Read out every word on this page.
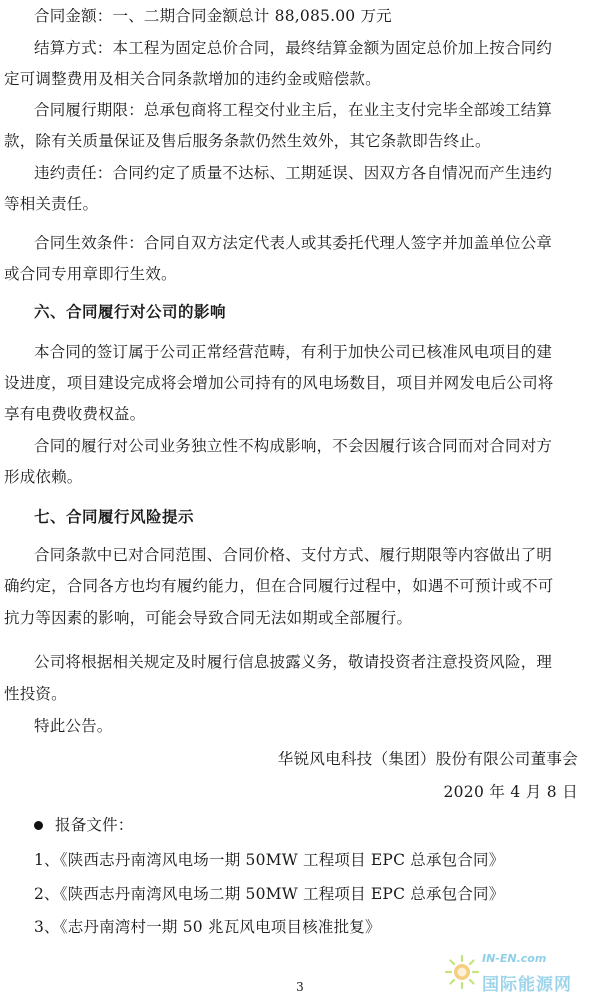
合同金额：一、二期合同金额总计 88,085.00 万元
结算方式：本工程为固定总价合同，最终结算金额为固定总价加上按合同约
定可调整费用及相关合同条款增加的违约金或赔偿款。
合同履行期限：总承包商将工程交付业主后，在业主支付完毕全部竣工结算
款，除有关质量保证及售后服务条款仍然生效外，其它条款即告终止。
违约责任：合同约定了质量不达标、工期延误、因双方各自情况而产生违约
等相关责任。
合同生效条件：合同自双方法定代表人或其委托代理人签字并加盖单位公章
或合同专用章即行生效。
六、合同履行对公司的影响
本合同的签订属于公司正常经营范畴，有利于加快公司已核准风电项目的建
设进度，项目建设完成将会增加公司持有的风电场数目，项目并网发电后公司将
享有电费收费权益。
合同的履行对公司业务独立性不构成影响，不会因履行该合同而对合同对方
形成依赖。
七、合同履行风险提示
合同条款中已对合同范围、合同价格、支付方式、履行期限等内容做出了明
确约定，合同各方也均有履约能力，但在合同履行过程中，如遇不可预计或不可
抗力等因素的影响，可能会导致合同无法如期或全部履行。
公司将根据相关规定及时履行信息披露义务，敬请投资者注意投资风险，理
性投资。
特此公告。
华锐风电科技（集团）股份有限公司董事会
2020 年 4 月 8 日
报备文件：
1、《陕西志丹南湾风电场一期 50MW 工程项目 EPC 总承包合同》
2、《陕西志丹南湾风电场二期 50MW 工程项目 EPC 总承包合同》
3、《志丹南湾村一期 50 兆瓦风电项目核准批复》
3
IN-EN.com
国际能源网
